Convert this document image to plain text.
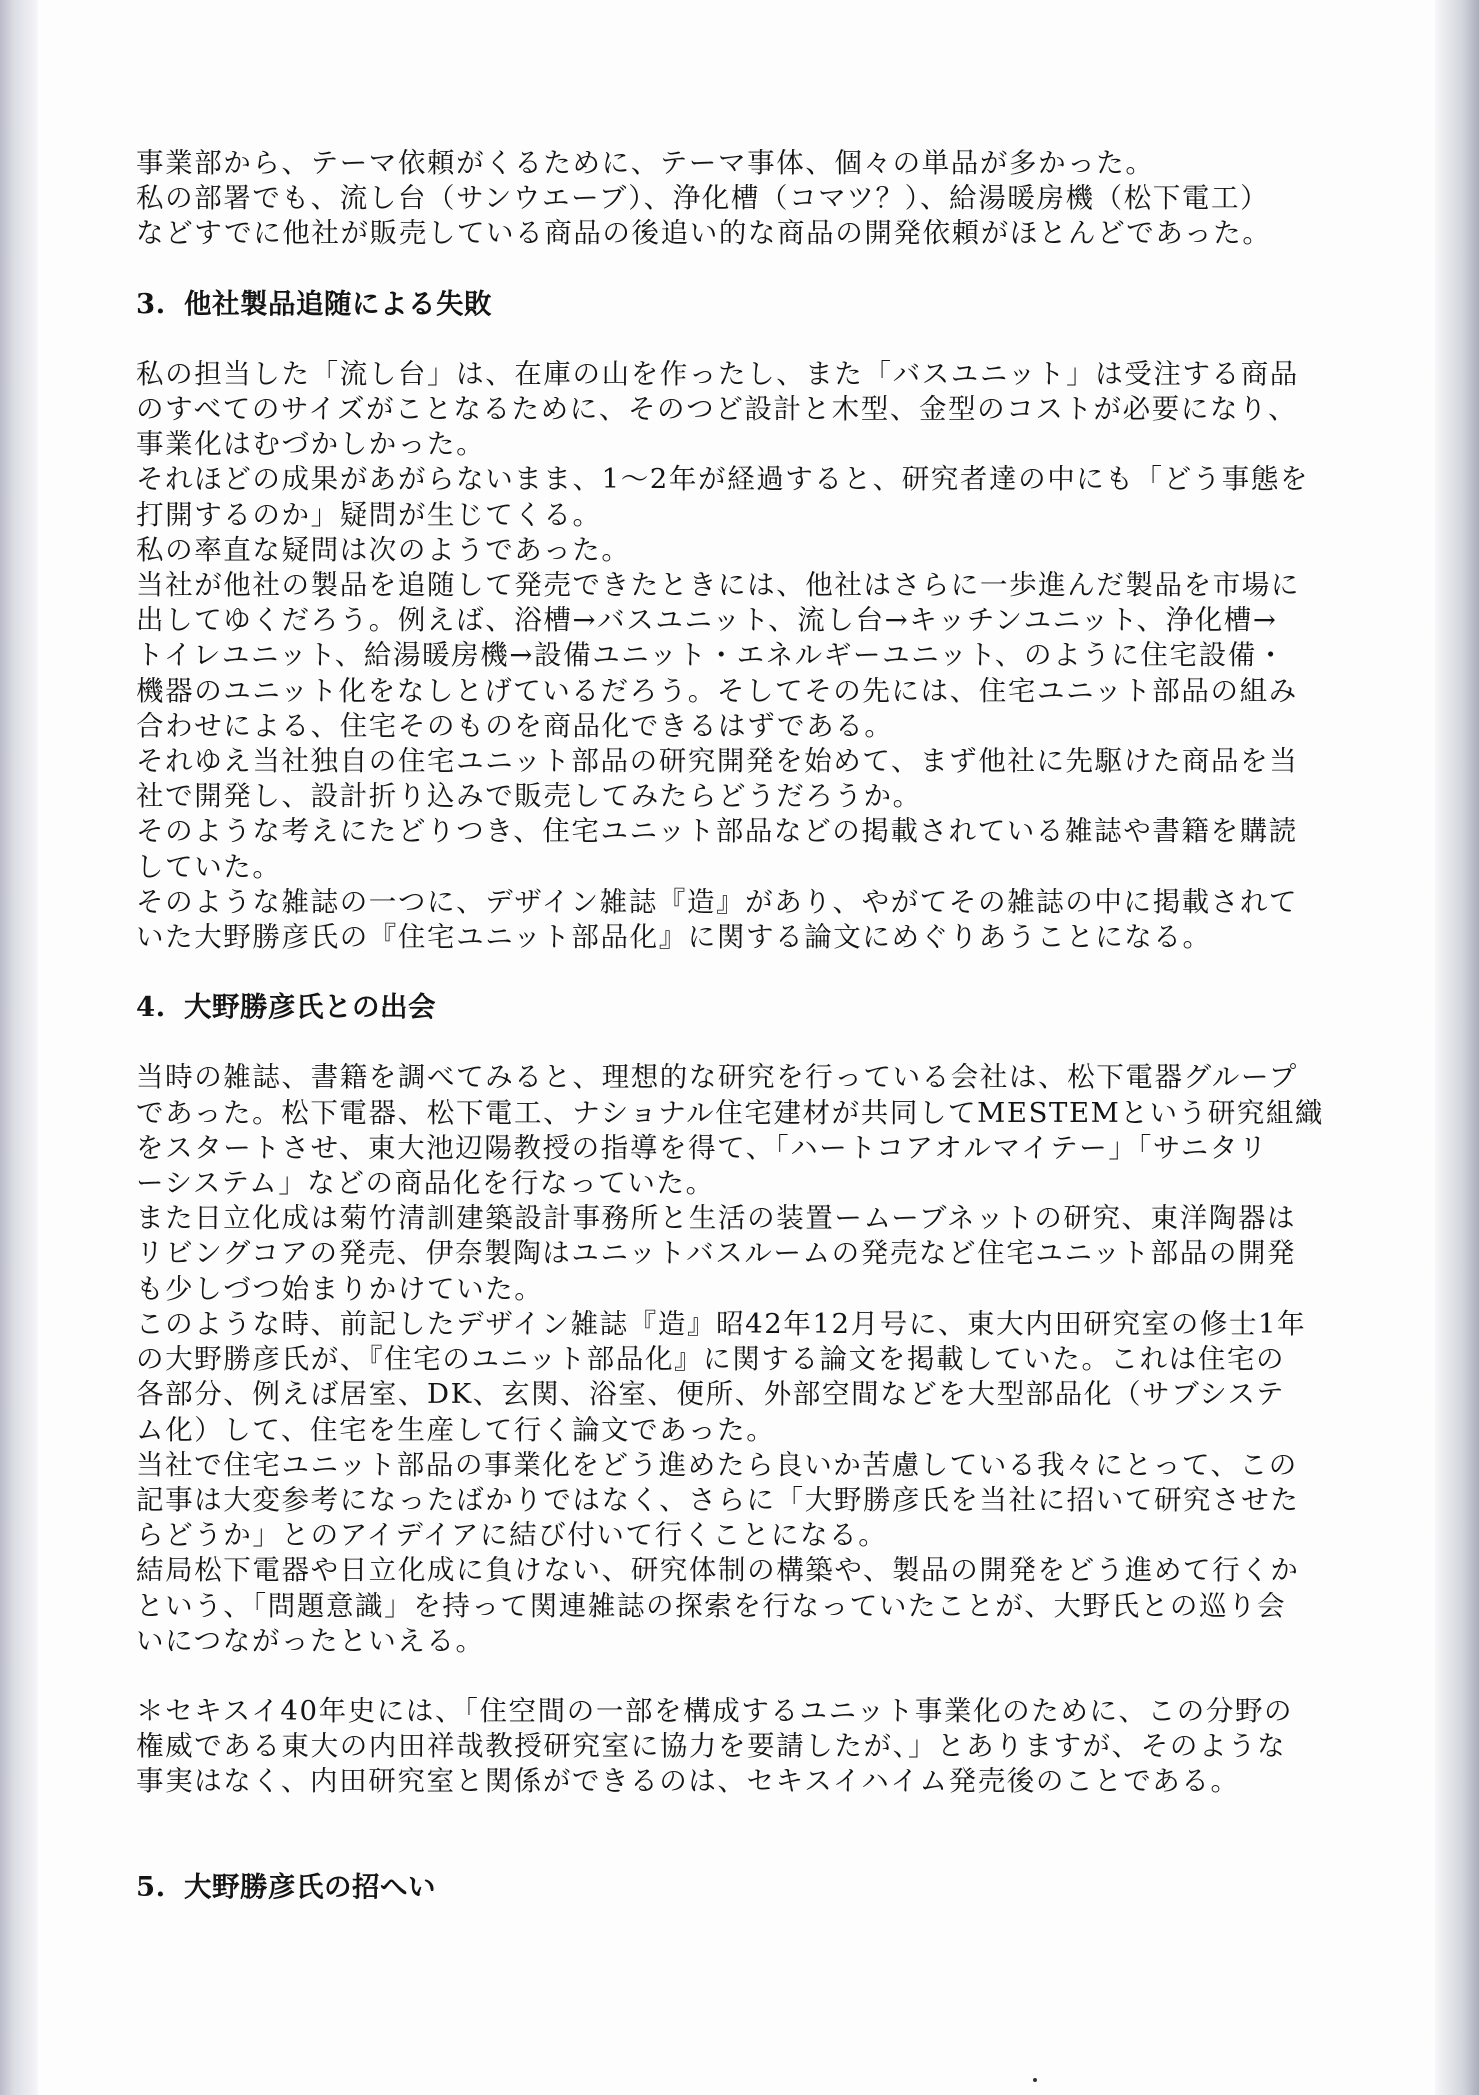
事業部から、テーマ依頼がくるために、テーマ事体、個々の単品が多かった。

私の部署でも、流し台（サンウエーブ）、浄化槽（コマツ？）、給湯暖房機（松下電工）

などすでに他社が販売している商品の後追い的な商品の開発依頼がほとんどであった。

3. 他社製品追随による失敗

私の担当した「流し台」は、在庫の山を作ったし、また「バスユニット」は受注する商品

のすべてのサイズがことなるために、そのつど設計と木型、金型のコストが必要になり、

事業化はむづかしかった。

それほどの成果があがらないまま、1～2年が経過すると、研究者達の中にも「どう事態を

打開するのか」疑問が生じてくる。

私の率直な疑問は次のようであった。

当社が他社の製品を追随して発売できたときには、他社はさらに一歩進んだ製品を市場に

出してゆくだろう。例えば、浴槽→バスユニット、流し台→キッチンユニット、浄化槽→

トイレユニット、給湯暖房機→設備ユニット・エネルギーユニット、のように住宅設備・

機器のユニット化をなしとげているだろう。そしてその先には、住宅ユニット部品の組み

合わせによる、住宅そのものを商品化できるはずである。

それゆえ当社独自の住宅ユニット部品の研究開発を始めて、まず他社に先駆けた商品を当

社で開発し、設計折り込みで販売してみたらどうだろうか。

そのような考えにたどりつき、住宅ユニット部品などの掲載されている雑誌や書籍を購読

していた。

そのような雑誌の一つに、デザイン雑誌『造』があり、やがてその雑誌の中に掲載されて

いた大野勝彦氏の『住宅ユニット部品化』に関する論文にめぐりあうことになる。

4. 大野勝彦氏との出会

当時の雑誌、書籍を調べてみると、理想的な研究を行っている会社は、松下電器グループ

であった。松下電器、松下電工、ナショナル住宅建材が共同してMESTEMという研究組織

をスタートさせ、東大池辺陽教授の指導を得て、「ハートコアオルマイテー」「サニタリ

ーシステム」などの商品化を行なっていた。

また日立化成は菊竹清訓建築設計事務所と生活の装置ームーブネットの研究、東洋陶器は

リビングコアの発売、伊奈製陶はユニットバスルームの発売など住宅ユニット部品の開発

も少しづつ始まりかけていた。

このような時、前記したデザイン雑誌『造』昭42年12月号に、東大内田研究室の修士1年

の大野勝彦氏が、『住宅のユニット部品化』に関する論文を掲載していた。これは住宅の

各部分、例えば居室、DK、玄関、浴室、便所、外部空間などを大型部品化（サブシステ

ム化）して、住宅を生産して行く論文であった。

当社で住宅ユニット部品の事業化をどう進めたら良いか苦慮している我々にとって、この

記事は大変参考になったばかりではなく、さらに「大野勝彦氏を当社に招いて研究させた

らどうか」とのアイデイアに結び付いて行くことになる。

結局松下電器や日立化成に負けない、研究体制の構築や、製品の開発をどう進めて行くか

という、「問題意識」を持って関連雑誌の探索を行なっていたことが、大野氏との巡り会

いにつながったといえる。

＊セキスイ40年史には、「住空間の一部を構成するユニット事業化のために、この分野の

権威である東大の内田祥哉教授研究室に協力を要請したが、」とありますが、そのような

事実はなく、内田研究室と関係ができるのは、セキスイハイム発売後のことである。

5. 大野勝彦氏の招へい
